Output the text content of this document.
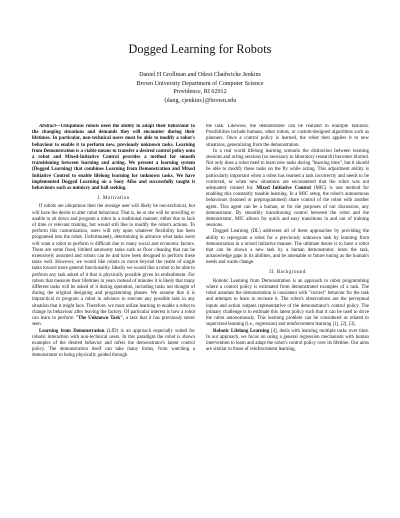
Dogged Learning for Robots
Daniel H Grollman and Odest Chadwicke Jenkins
Brown University Department of Computer Science
Providence, RI 02912
{dang, cjenkins}@brown.edu

Abstract—Ubiquitous robots need the ability to adapt their behaviour to the changing situations and demands they will encounter during their lifetimes. In particular, non-technical users must be able to modify a robot's behaviour to enable it to perform new, previously unknown tasks. Learning from Demonstration is a viable means to transfer a desired control policy onto a robot and Mixed-Initiative Control provides a method for smooth transitioning between learning and acting. We present a learning system (Dogged Learning) that combines Learning from Demonstration and Mixed Initiative Control to enable lifelong learning for unknown tasks. We have implemented Dogged Learning on a Sony Aibo and successfully taught it behaviours such as mimicry and ball seeking.

I. Motivation

If robots are ubiquitous then the average user will likely be non-technical, but will have the desire to alter robot behaviour. That is, he or she will be unwilling or unable to sit down and program a robot in a traditional manner, either due to lack of time or relevant training, but would still like to modify the robot's actions. To perform this customization, users will rely upon whatever flexibility has been programed into the robot. Unfortunately, determining in advance what tasks users will want a robot to perform is difficult due to many social and economic factors. There are some fixed, limited autonomy tasks such as floor cleaning that can be extensively assumed and robots can be and have been designed to perform these tasks well. However, we would like robots to move beyond the realm of single tasks toward more general functionality. Ideally we would like a robot to be able to perform any task asked of it that is physically possible given its embodiment. For robots that measure their lifetimes in years instead of minutes it is likely that many different tasks will be asked of it during operation, including tasks not thought of during the original designing and programming phases. We assume that it is impractical to program a robot in advance to execute any possible task in any situation that it might face. Therefore, we must utilize learning to enable a robot to change its behaviour after leaving the factory. Of particular interest is how a robot can learn to perform "The Unknown Task", a task that it has previously never seen.

Learning from Demonstration (LfD) is an approach especially suited for robotic interaction with non-technical users. In this paradigm the robot is shown examples of the desired behavior and infers the demonstrator's latent control policy. The demonstration itself can take many forms, from watching a demonstrator to being physically guided through

the task. Likewise, the demonstrator can be realized in multiple fashions. Possibilities include humans, other robots, or custom-designed algorithms such as planners. Once a control policy is learned, the robot then applies it to new situations, generalizing from the demonstration.

In a real world lifelong learning scenario the distinction between learning sessions and acting sessions (so necessary to laboratory research) becomes blurred. Not only does a robot need to learn new tasks during "learning time", but it should be able to modify those tasks on the fly while acting. This adjustment ability is particularly important when a robot has learned a task incorrectly and needs to be corrected, or when new situations are encountered that the robot was not adequately trained for. Mixed Initiative Control (MIC) is one method for enabling this constantly tunable learning. In a MIC setup, the robot's autonomous behaviours (learned or preprogrammed) share control of the robot with another agent. This agent can be a human, or for the purposes of our discussion, any demonstrator. By smoothly transitioning control between the robot and the demonstrator, MIC allows for quick and easy transitions in and out of training sessions.

Dogged Learning (DL) addresses all of these approaches by providing the ability to reprogram a robot for a previously unknown task by learning from demonstration in a mixed initiative manner. The ultimate desire is to have a robot that can be shown a new task by a human demonstrator, learn the task, acknowledge gaps in its abilities, and be amenable to future tuning as the human's needs and wants change.

II. Background

Robotic Learning from Demonstration is an approach to robot programming where a control policy is estimated from demonstrated examples of a task. The robot assumes the demonstration is consistent with "correct" behavior for the task and attempts to learn to recreate it. The robot's observations are the perceptual inputs and action outputs representative of the demonstrator's control policy. The primary challenge is to estimate this latent policy such that it can be used to drive the robot autonomously. This learning problem can be considered as related to supervised learning (i.e., regression) and reinforcement learning [1], [2], [3].

Robotic Lifelong Learning [4], deals with learning multiple tasks over time. In our approach, we focus on using a general regression mechanism with human intervention to learn and adapt the robot's control policy over its lifetime. Our aims are similar to those of reinforcement learning,
